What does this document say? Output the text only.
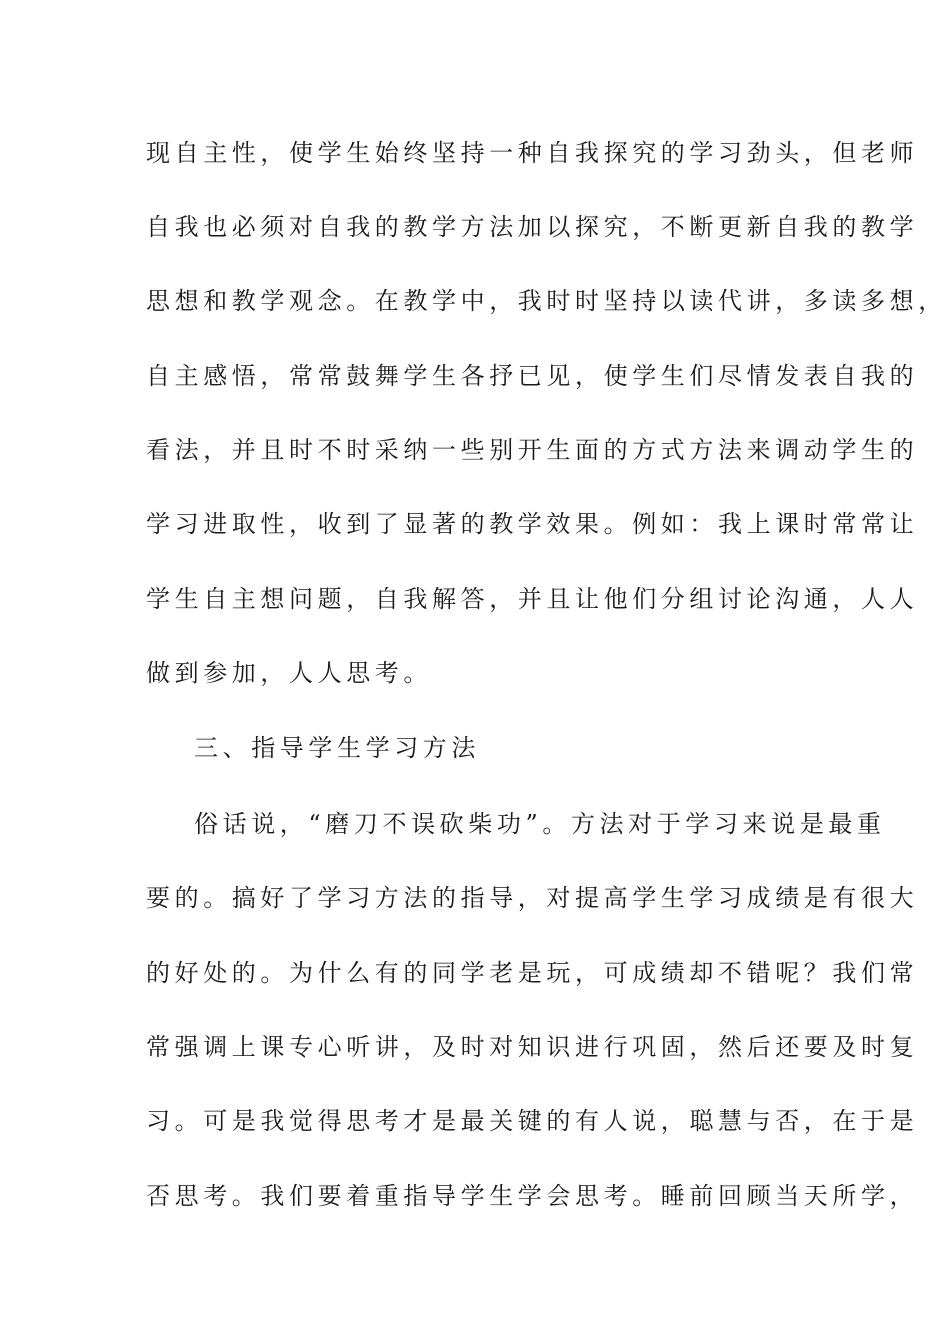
现自主性，使学生始终坚持一种自我探究的学习劲头，但老师
自我也必须对自我的教学方法加以探究，不断更新自我的教学
思想和教学观念。在教学中，我时时坚持以读代讲，多读多想，
自主感悟，常常鼓舞学生各抒已见，使学生们尽情发表自我的
看法，并且时不时采纳一些别开生面的方式方法来调动学生的
学习进取性，收到了显著的教学效果。例如：我上课时常常让
学生自主想问题，自我解答，并且让他们分组讨论沟通，人人
做到参加，人人思考。
三、指导学生学习方法
俗话说，“磨刀不误砍柴功”。方法对于学习来说是最重
要的。搞好了学习方法的指导，对提高学生学习成绩是有很大
的好处的。为什么有的同学老是玩，可成绩却不错呢？我们常
常强调上课专心听讲，及时对知识进行巩固，然后还要及时复
习。可是我觉得思考才是最关键的有人说，聪慧与否，在于是
否思考。我们要着重指导学生学会思考。睡前回顾当天所学，
